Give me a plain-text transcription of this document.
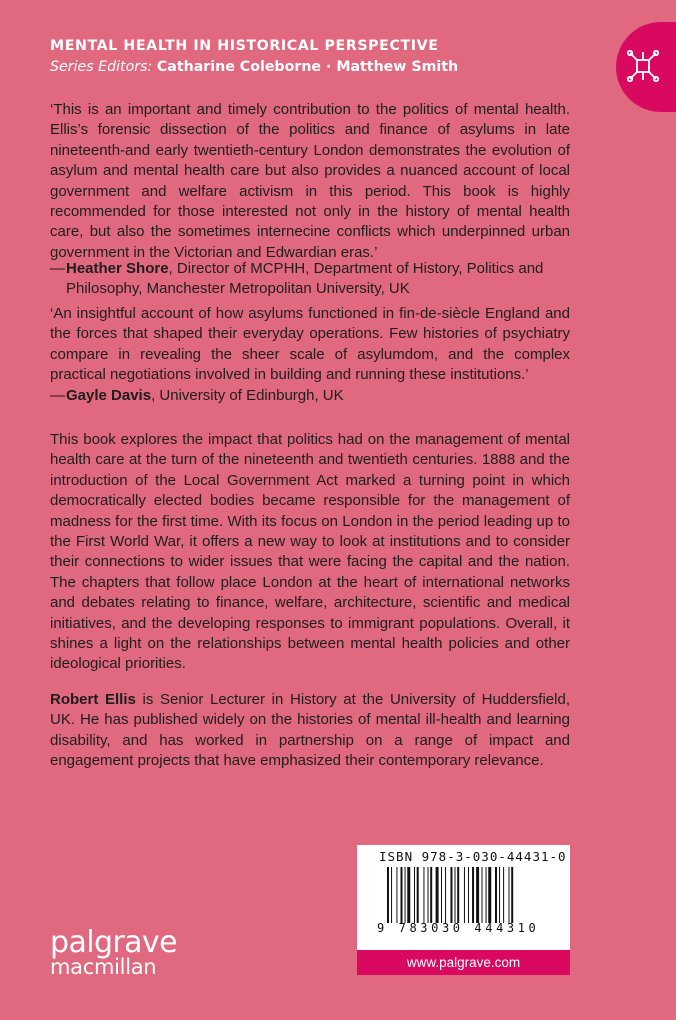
MENTAL HEALTH IN HISTORICAL PERSPECTIVE
Series Editors: Catharine Coleborne · Matthew Smith

‘This is an important and timely contribution to the politics of mental health. Ellis’s forensic dissection of the politics and finance of asylums in late nineteenth-and early twentieth-century London demonstrates the evolution of asylum and mental health care but also provides a nuanced account of local government and welfare activism in this period. This book is highly recommended for those interested not only in the history of mental health care, but also the sometimes internecine conflicts which underpinned urban government in the Victorian and Edwardian eras.’

— Heather Shore, Director of MCPHH, Department of History, Politics and Philosophy, Manchester Metropolitan University, UK

‘An insightful account of how asylums functioned in fin-de-siècle England and the forces that shaped their everyday operations. Few histories of psychiatry compare in revealing the sheer scale of asylumdom, and the complex practical negotiations involved in building and running these institutions.’

— Gayle Davis, University of Edinburgh, UK

This book explores the impact that politics had on the management of mental health care at the turn of the nineteenth and twentieth centuries. 1888 and the introduction of the Local Government Act marked a turning point in which democratically elected bodies became responsible for the management of madness for the first time. With its focus on London in the period leading up to the First World War, it offers a new way to look at institutions and to consider their connections to wider issues that were facing the capital and the nation. The chapters that follow place London at the heart of international networks and debates relating to finance, welfare, architecture, scientific and medical initiatives, and the developing responses to immigrant populations. Overall, it shines a light on the relationships between mental health policies and other ideological priorities.

Robert Ellis is Senior Lecturer in History at the University of Huddersfield, UK. He has published widely on the histories of mental ill-health and learning disability, and has worked in partnership on a range of impact and engagement projects that have emphasized their contemporary relevance.

ISBN 978-3-030-44431-0
9 783030 444310
www.palgrave.com
palgrave
macmillan
